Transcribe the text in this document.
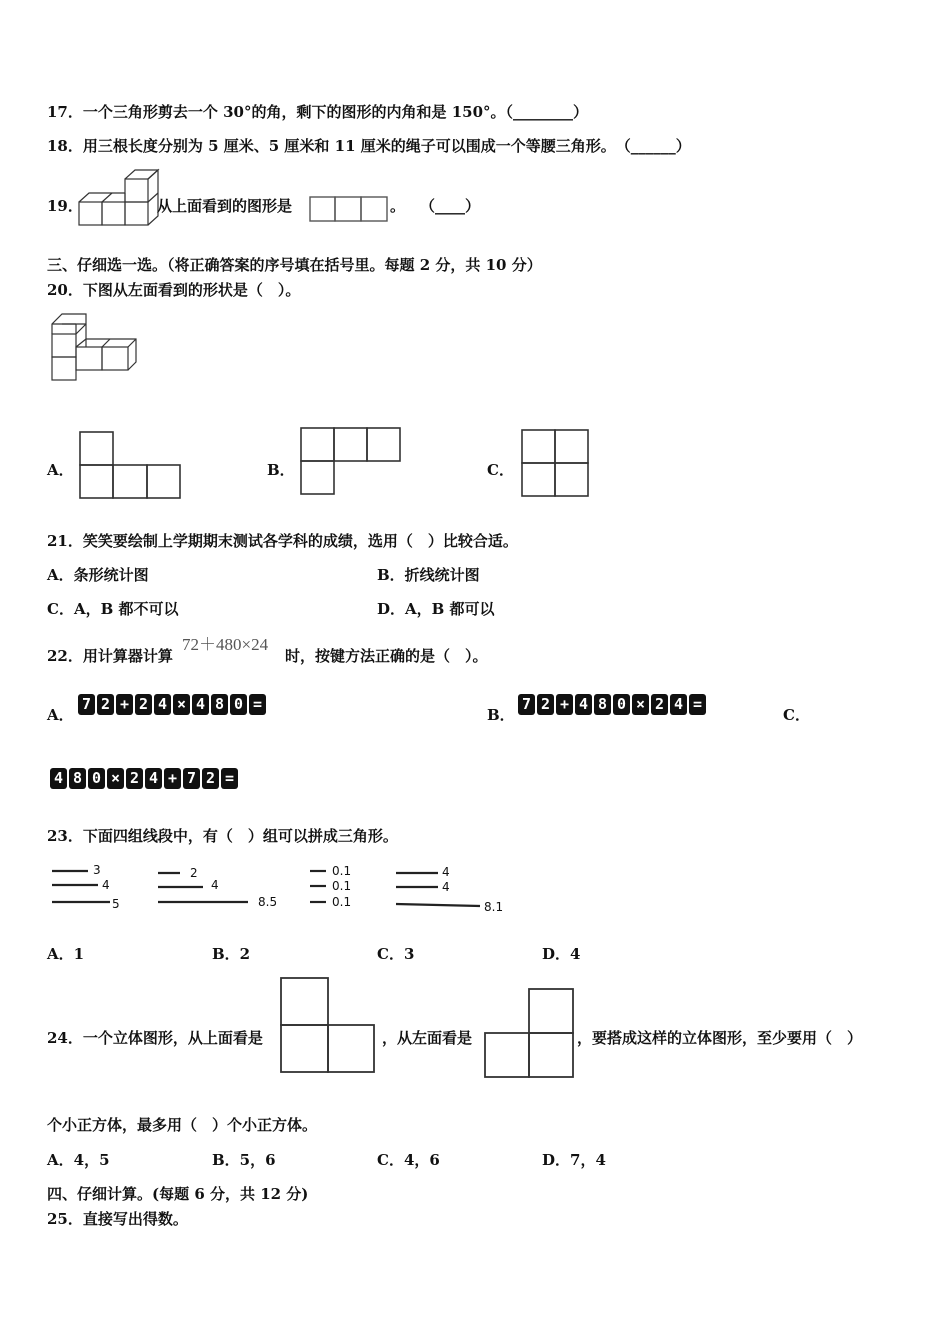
17．一个三角形剪去一个 30°的角，剩下的图形的内角和是 150°。（________）
18．用三根长度分别为 5 厘米、5 厘米和 11 厘米的绳子可以围成一个等腰三角形。　（______）
19．	从上面看到的图形是	。　　（____）
三、仔细选一选。（将正确答案的序号填在括号里。每题 2 分，共 10 分）
20．下图从左面看到的形状是（　）。
A．	B．	C．
21．笑笑要绘制上学期期末测试各学科的成绩，选用（　）比较合适。
A．条形统计图	B．折线统计图
C．A，B 都不可以	D．A，B 都可以
22．用计算器计算
72＋480×24
时，按键方法正确的是（　）。
A．
7 2 + 2 4 × 4 8 0 =
B．
7 2 + 4 8 0 × 2 4 =
C．
4 8 0 × 2 4 + 7 2 =
23．下面四组线段中，有（　）组可以拼成三角形。
3
4
5
2
4
8.5
0.1
0.1
0.1
4
4
8.1
A．1	B．2	C．3	D．4
24．一个立体图形，从上面看是	，从左面看是	，要搭成这样的立体图形，至少要用（　）
个小正方体，最多用（　）个小正方体。
A．4，5	B．5，6	C．4，6	D．7，4
四、仔细计算。(每题 6 分，共 12 分)
25．直接写出得数。
